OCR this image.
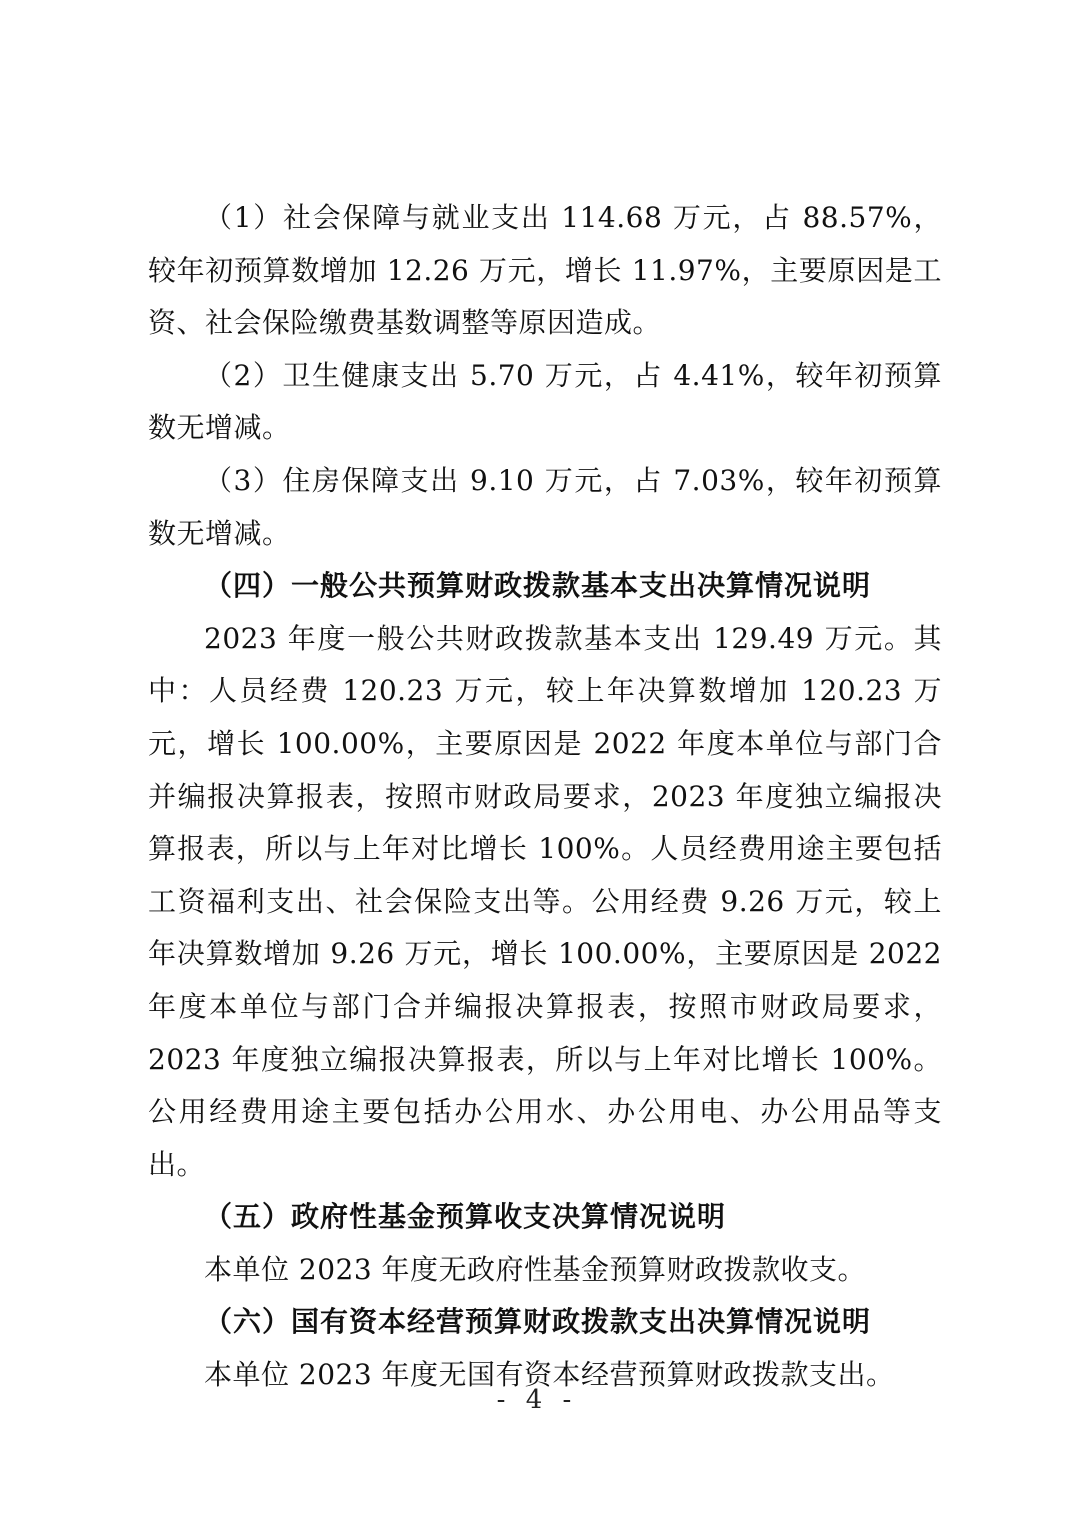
（1）社会保障与就业支出 114.68 万元，占 88.57%，较年初预算数增加 12.26 万元，增长 11.97%，主要原因是工资、社会保险缴费基数调整等原因造成。

（2）卫生健康支出 5.70 万元，占 4.41%，较年初预算数无增减。

（3）住房保障支出 9.10 万元，占 7.03%，较年初预算数无增减。

（四）一般公共预算财政拨款基本支出决算情况说明

2023 年度一般公共财政拨款基本支出 129.49 万元。其中：人员经费 120.23 万元，较上年决算数增加 120.23 万元，增长 100.00%，主要原因是 2022 年度本单位与部门合并编报决算报表，按照市财政局要求，2023 年度独立编报决算报表，所以与上年对比增长 100%。人员经费用途主要包括工资福利支出、社会保险支出等。公用经费 9.26 万元，较上年决算数增加 9.26 万元，增长 100.00%，主要原因是 2022 年度本单位与部门合并编报决算报表，按照市财政局要求，2023 年度独立编报决算报表，所以与上年对比增长 100%。公用经费用途主要包括办公用水、办公用电、办公用品等支出。

（五）政府性基金预算收支决算情况说明

本单位 2023 年度无政府性基金预算财政拨款收支。

（六）国有资本经营预算财政拨款支出决算情况说明

本单位 2023 年度无国有资本经营预算财政拨款支出。

- 4 -
